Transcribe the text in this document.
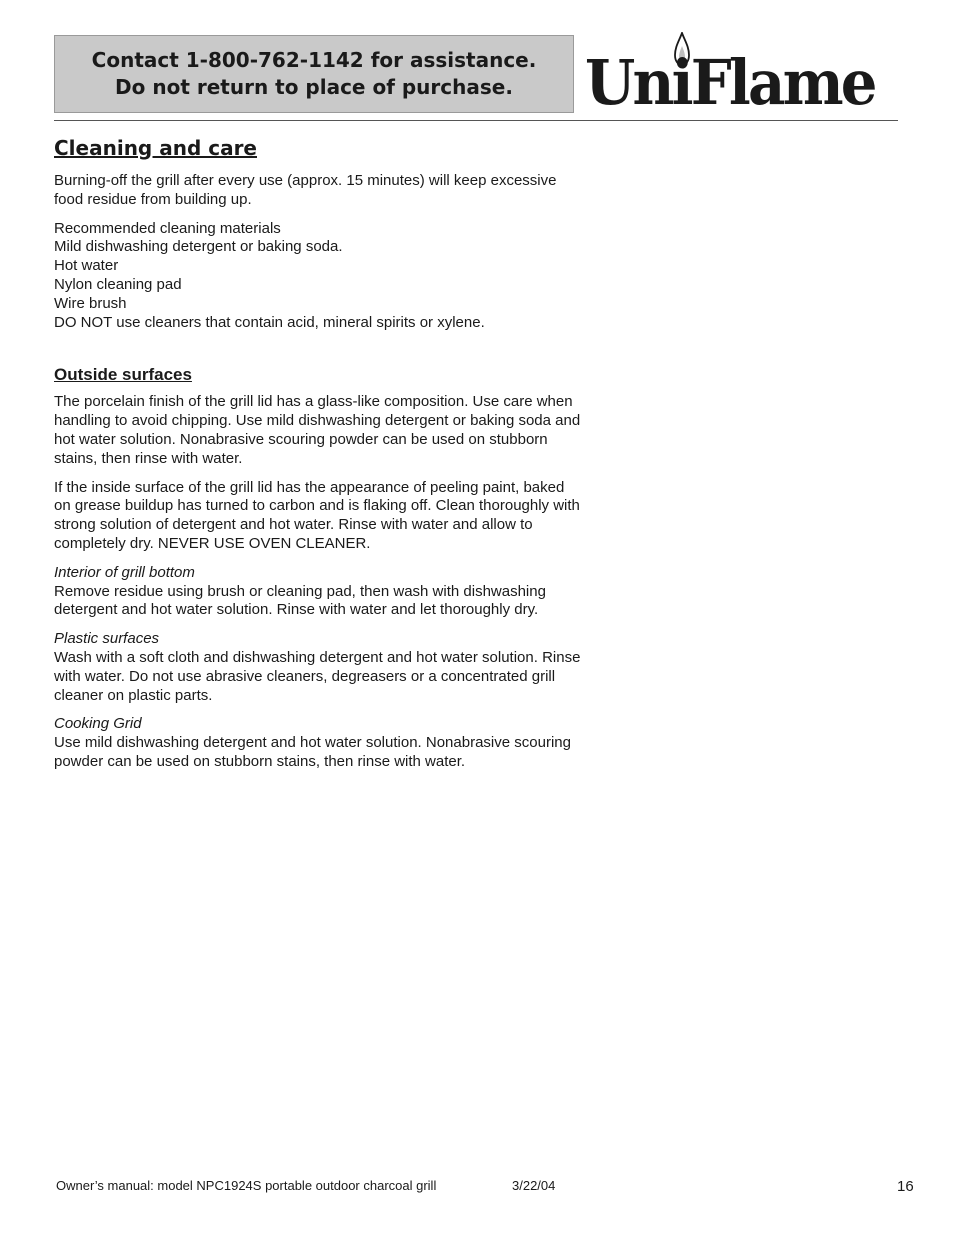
Contact 1-800-762-1142 for assistance.
Do not return to place of purchase. UniFlame
Cleaning and care

Burning-off the grill after every use (approx. 15 minutes) will keep excessive food residue from building up.

Recommended cleaning materials
Mild dishwashing detergent or baking soda.
Hot water
Nylon cleaning pad
Wire brush
DO NOT use cleaners that contain acid, mineral spirits or xylene.
Outside surfaces

The porcelain finish of the grill lid has a glass-like composition. Use care when handling to avoid chipping. Use mild dishwashing detergent or baking soda and hot water solution. Nonabrasive scouring powder can be used on stubborn stains, then rinse with water.

If the inside surface of the grill lid has the appearance of peeling paint, baked on grease buildup has turned to carbon and is flaking off. Clean thoroughly with strong solution of detergent and hot water. Rinse with water and allow to completely dry. NEVER USE OVEN CLEANER.

Interior of grill bottom
Remove residue using brush or cleaning pad, then wash with dishwashing detergent and hot water solution. Rinse with water and let thoroughly dry.
Plastic surfaces
Wash with a soft cloth and dishwashing detergent and hot water solution. Rinse with water. Do not use abrasive cleaners, degreasers or a concentrated grill cleaner on plastic parts.
Cooking Grid
Use mild dishwashing detergent and hot water solution. Nonabrasive scouring powder can be used on stubborn stains, then rinse with water.
Owner’s manual: model NPC1924S portable outdoor charcoal grill	3/22/04	16
